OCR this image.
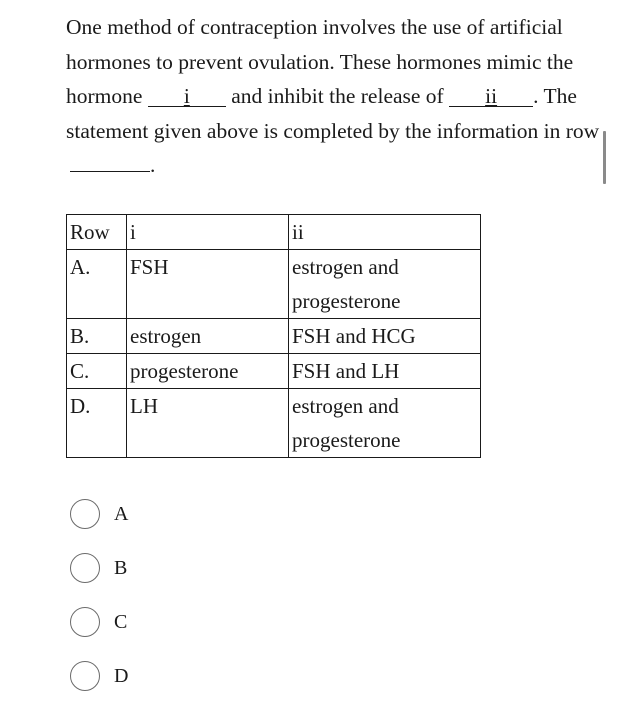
One method of contraception involves the use of artificial hormones to prevent ovulation. These hormones mimic the hormone i and inhibit the release of ii . The statement given above is completed by the information in row .
Row	i	ii
A.	FSH	estrogen and progesterone
B.	estrogen	FSH and HCG
C.	progesterone	FSH and LH
D.	LH	estrogen and progesterone
A
B
C
D
